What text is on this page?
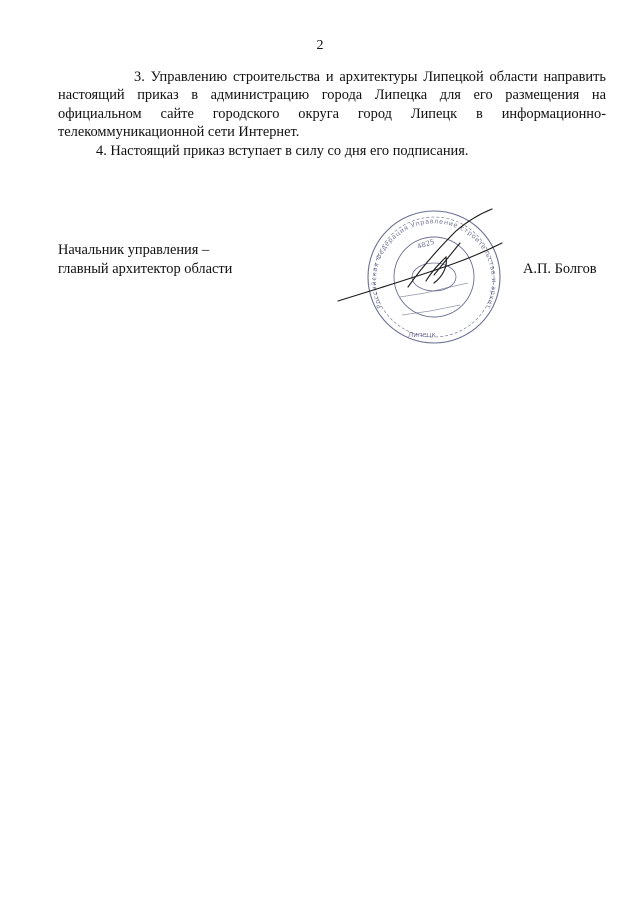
2

3. Управлению строительства и архитектуры Липецкой области направить настоящий приказ в администрацию города Липецка для его размещения на официальном сайте городского округа город Липецк в информационно-телекоммуникационной сети Интернет.

4. Настоящий приказ вступает в силу со дня его подписания.

Начальник управления –
главный архитектор области
Российская Федерация Управление строительства и архит
4825
Липецк
А.П. Болгов
